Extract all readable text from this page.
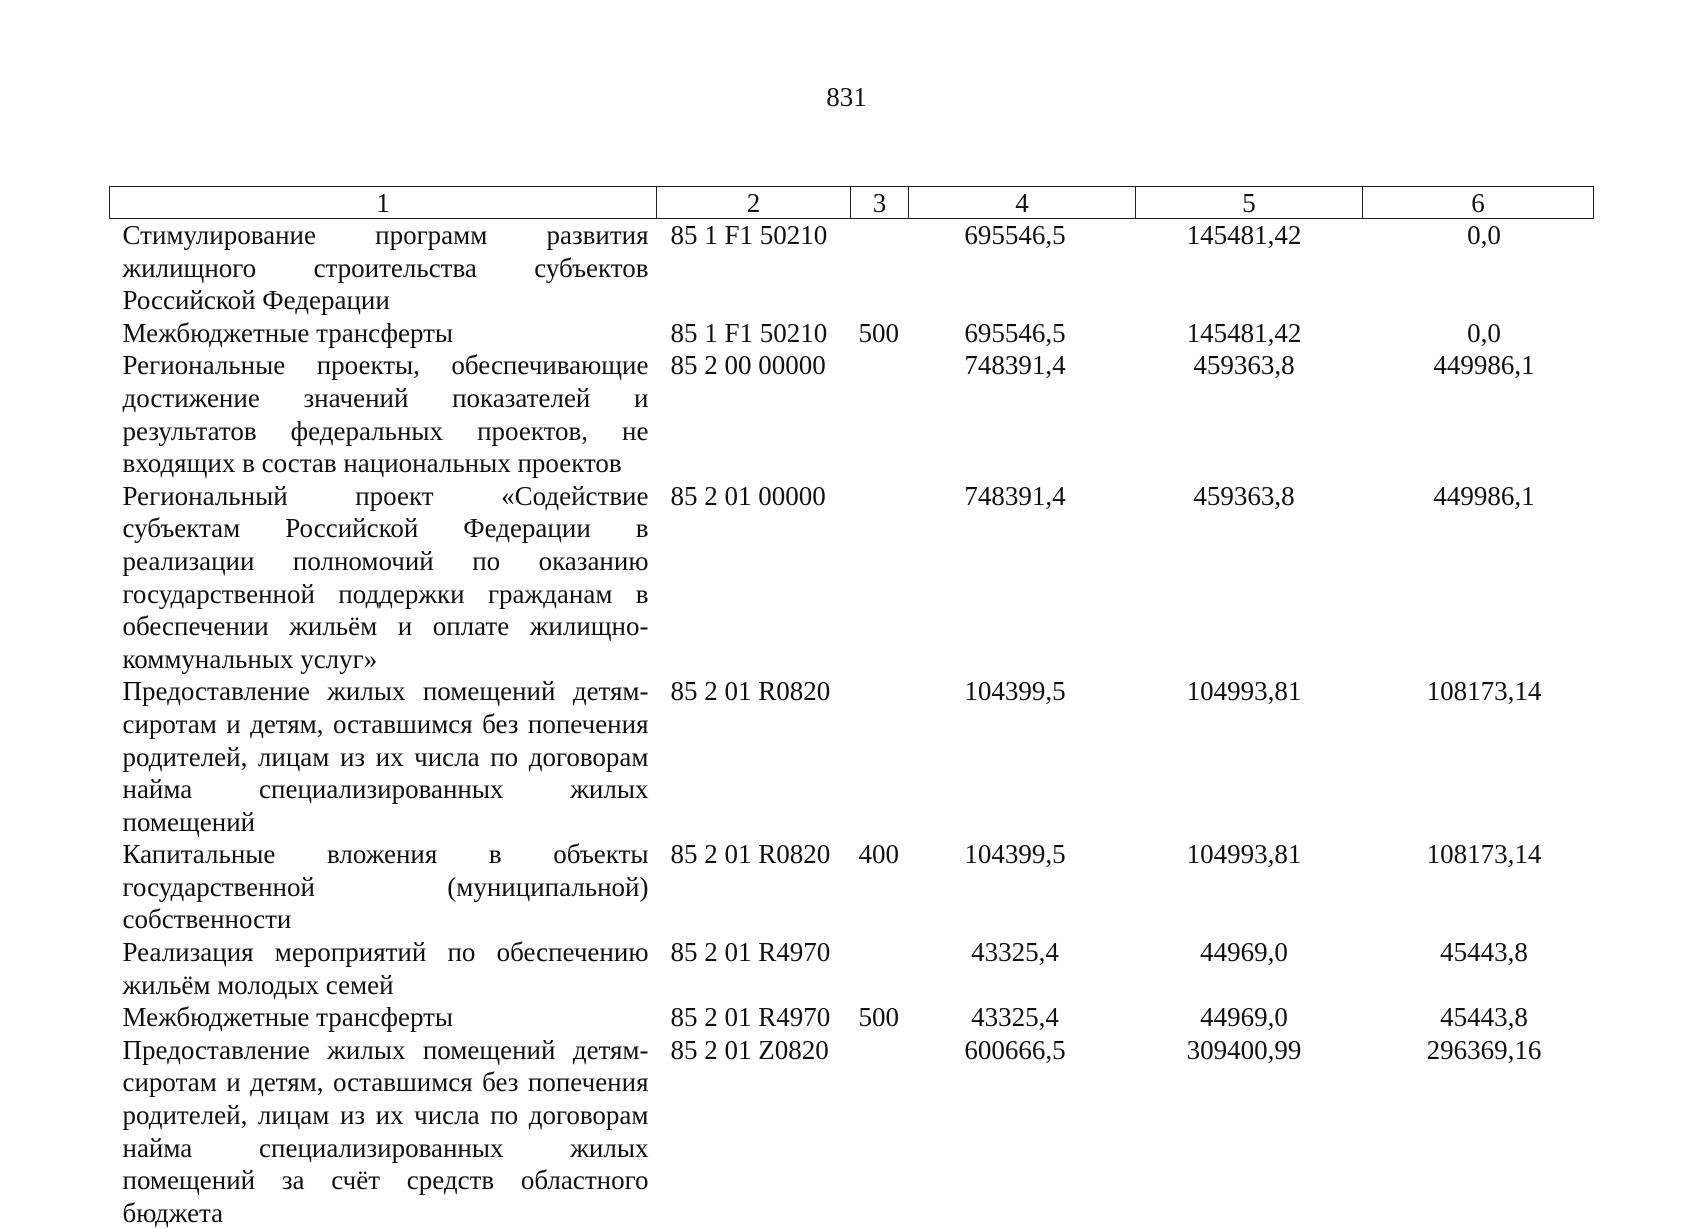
831
1	2	3	4	5	6
Стимулирование программ развития жилищного строительства субъектов Российской Федерации	85 1 F1 50210		695546,5	145481,42	0,0
Межбюджетные трансферты	85 1 F1 50210	500	695546,5	145481,42	0,0
Региональные проекты, обеспечивающие достижение значений показателей и результатов федеральных проектов, не входящих в состав национальных проектов	85 2 00 00000		748391,4	459363,8	449986,1
Региональный проект «Содействие субъектам Российской Федерации в реализации полномочий по оказанию государственной поддержки гражданам в обеспечении жильём и оплате жилищно-коммунальных услуг»	85 2 01 00000		748391,4	459363,8	449986,1
Предоставление жилых помещений детям-сиротам и детям, оставшимся без попечения родителей, лицам из их числа по договорам найма специализированных жилых помещений	85 2 01 R0820		104399,5	104993,81	108173,14
Капитальные вложения в объекты государственной (муниципальной) собственности	85 2 01 R0820	400	104399,5	104993,81	108173,14
Реализация мероприятий по обеспечению жильём молодых семей	85 2 01 R4970		43325,4	44969,0	45443,8
Межбюджетные трансферты	85 2 01 R4970	500	43325,4	44969,0	45443,8
Предоставление жилых помещений детям-сиротам и детям, оставшимся без попечения родителей, лицам из их числа по договорам найма специализированных жилых помещений за счёт средств областного бюджета	85 2 01 Z0820		600666,5	309400,99	296369,16
